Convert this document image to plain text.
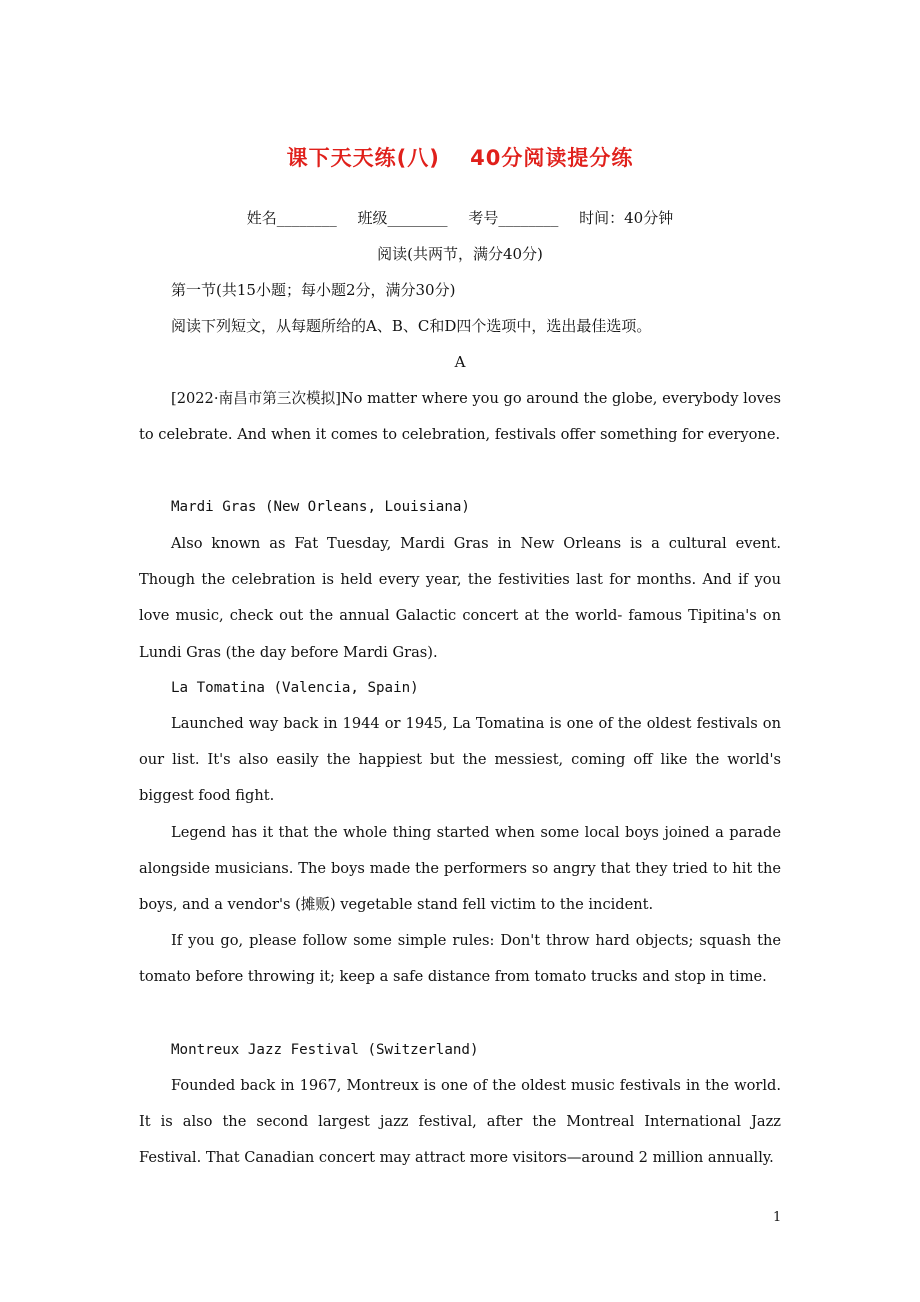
课下天天练(八)　 40分阅读提分练
姓名________ 班级________ 考号________ 时间：40分钟
阅读(共两节，满分40分)
第一节(共15小题；每小题2分，满分30分)
阅读下列短文，从每题所给的A、B、C和D四个选项中，选出最佳选项。
A
[2022·南昌市第三次模拟]No matter where you go around the globe, everybody loves to celebrate. And when it comes to celebration, festivals offer something for everyone.
Mardi Gras (New Orleans, Louisiana)
Also known as Fat Tuesday, Mardi Gras in New Orleans is a cultural event. Though the celebration is held every year, the festivities last for months. And if you love music, check out the annual Galactic concert at the world- famous Tipitina's on Lundi Gras (the day before Mardi Gras).
La Tomatina (Valencia, Spain)
Launched way back in 1944 or 1945, La Tomatina is one of the oldest festivals on our list. It's also easily the happiest but the messiest, coming off like the world's biggest food fight.
Legend has it that the whole thing started when some local boys joined a parade alongside musicians. The boys made the performers so angry that they tried to hit the boys, and a vendor's (摊贩) vegetable stand fell victim to the incident.
If you go, please follow some simple rules: Don't throw hard objects; squash the tomato before throwing it; keep a safe distance from tomato trucks and stop in time.
Montreux Jazz Festival (Switzerland)
Founded back in 1967, Montreux is one of the oldest music festivals in the world. It is also the second largest jazz festival, after the Montreal International Jazz Festival. That Canadian concert may attract more visitors—around 2 million annually.
1
